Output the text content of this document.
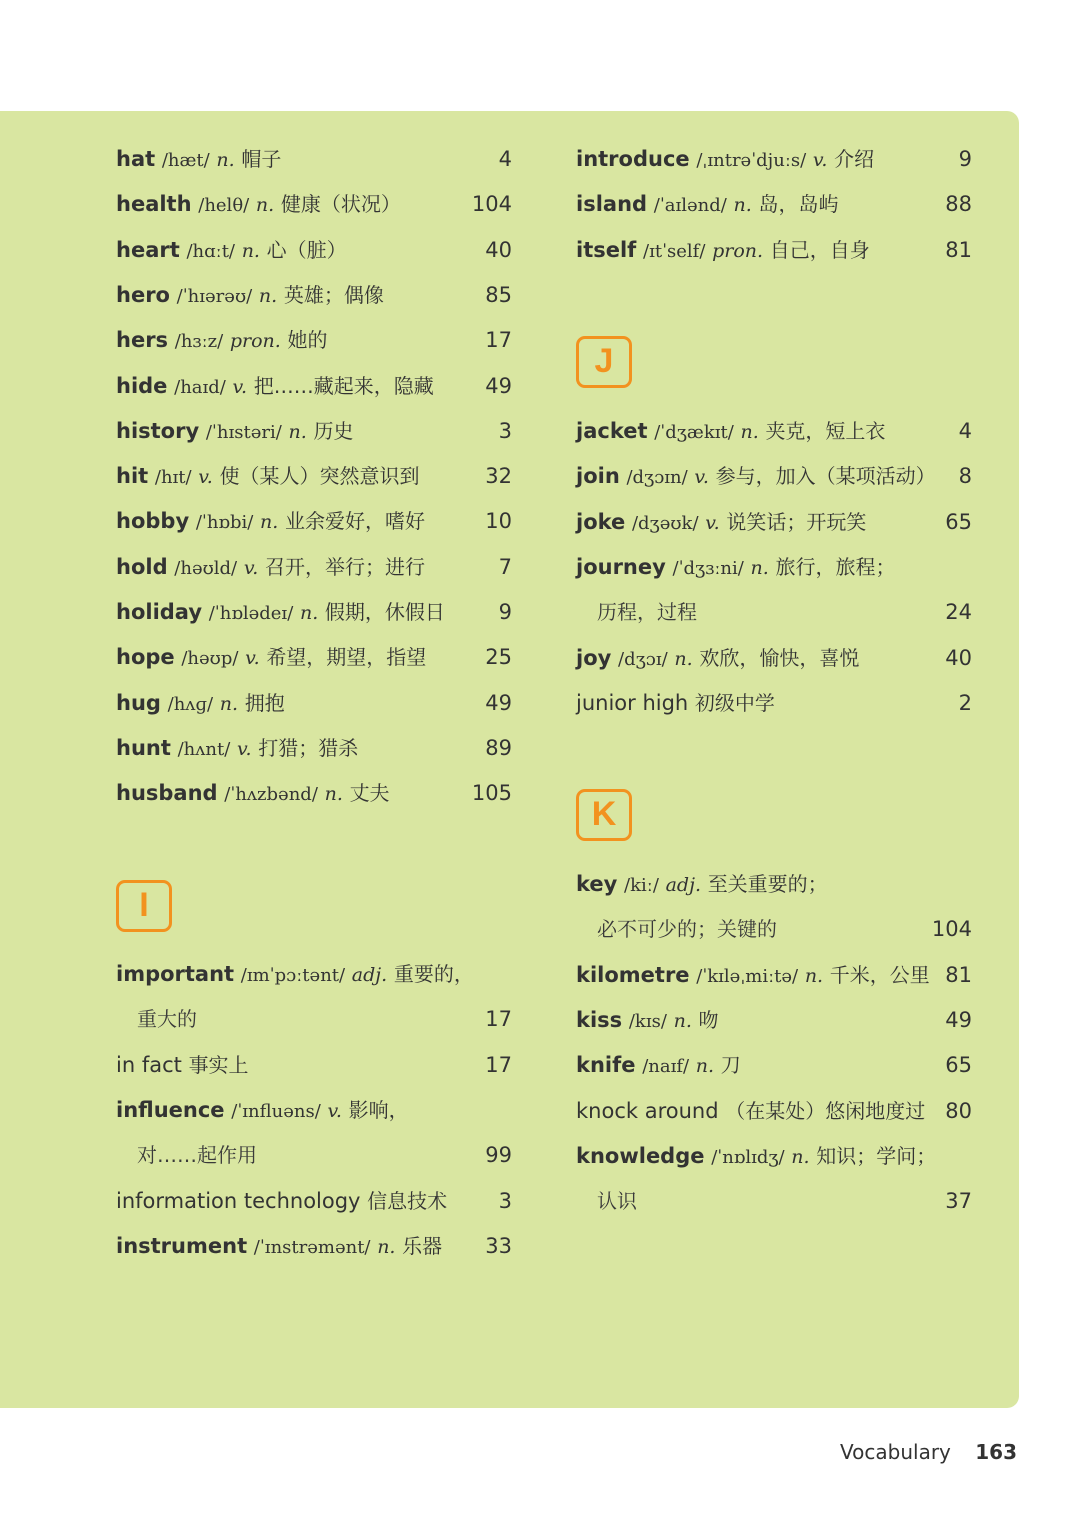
hat /hæt/ n. 帽子	4
health /helθ/ n. 健康（状况）	104
heart /hɑːt/ n. 心（脏）	40
hero /ˈhɪərəʊ/ n. 英雄；偶像	85
hers /hɜːz/ pron. 她的	17
hide /haɪd/ v. 把……藏起来，隐藏 49
history /ˈhɪstəri/ n. 历史	3
hit /hɪt/ v. 使（某人）突然意识到	32
hobby /ˈhɒbi/ n. 业余爱好，嗜好	10
hold /həʊld/ v. 召开，举行；进行	7
holiday /ˈhɒlədeɪ/ n. 假期，休假日	9
hope /həʊp/ v. 希望，期望，指望	25
hug /hʌɡ/ n. 拥抱	49
hunt /hʌnt/ v. 打猎；猎杀	89
husband /ˈhʌzbənd/ n. 丈夫	105
I
important /ɪmˈpɔːtənt/ adj. 重要的，
重大的	17
in fact 事实上	17
influence /ˈɪnfluəns/ v. 影响，
对……起作用	99
information technology 信息技术 3
instrument /ˈɪnstrəmənt/ n. 乐器 33
introduce /ˌɪntrəˈdjuːs/ v. 介绍	9
island /ˈaɪlənd/ n. 岛，岛屿	88
itself /ɪtˈself/ pron. 自己，自身	81
J
jacket /ˈdʒækɪt/ n. 夹克，短上衣	4
join /dʒɔɪn/ v. 参与，加入（某项活动） 8
joke /dʒəʊk/ v. 说笑话；开玩笑	65
journey /ˈdʒɜːni/ n. 旅行，旅程；
历程，过程	24
joy /dʒɔɪ/ n. 欢欣，愉快，喜悦	40
junior high 初级中学	2
K
key /kiː/ adj. 至关重要的；
必不可少的；关键的	104
kilometre /ˈkɪləˌmiːtə/ n. 千米，公里 81
kiss /kɪs/ n. 吻	49
knife /naɪf/ n. 刀	65
knock around （在某处）悠闲地度过 80
knowledge /ˈnɒlɪdʒ/ n. 知识；学问；
认识	37
Vocabulary 163
